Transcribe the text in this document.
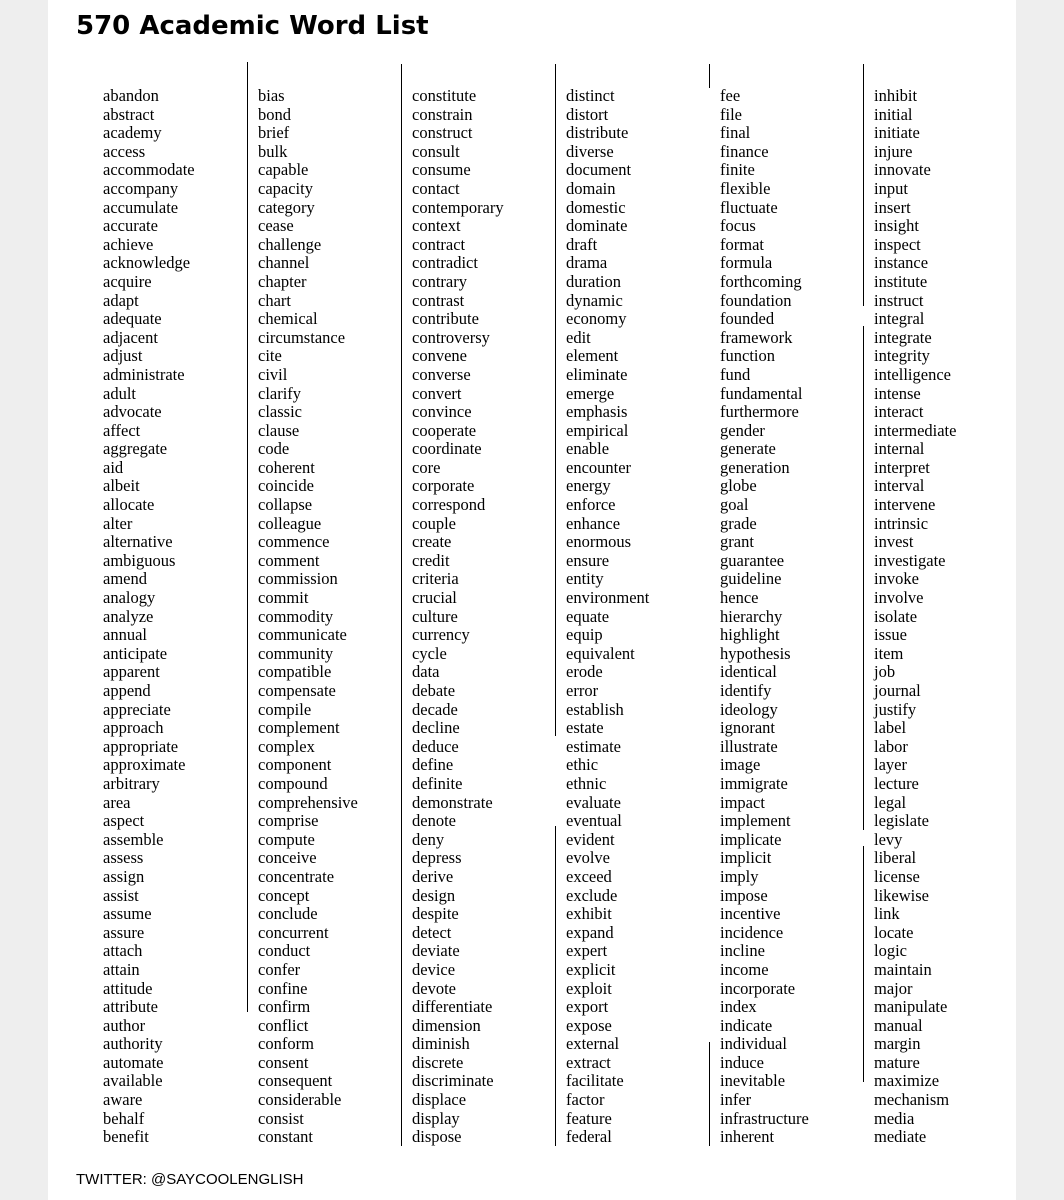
570 Academic Word List
abandon
abstract
academy
access
accommodate
accompany
accumulate
accurate
achieve
acknowledge
acquire
adapt
adequate
adjacent
adjust
administrate
adult
advocate
affect
aggregate
aid
albeit
allocate
alter
alternative
ambiguous
amend
analogy
analyze
annual
anticipate
apparent
append
appreciate
approach
appropriate
approximate
arbitrary
area
aspect
assemble
assess
assign
assist
assume
assure
attach
attain
attitude
attribute
author
authority
automate
available
aware
behalf
benefit
bias
bond
brief
bulk
capable
capacity
category
cease
challenge
channel
chapter
chart
chemical
circumstance
cite
civil
clarify
classic
clause
code
coherent
coincide
collapse
colleague
commence
comment
commission
commit
commodity
communicate
community
compatible
compensate
compile
complement
complex
component
compound
comprehensive
comprise
compute
conceive
concentrate
concept
conclude
concurrent
conduct
confer
confine
confirm
conflict
conform
consent
consequent
considerable
consist
constant
constitute
constrain
construct
consult
consume
contact
contemporary
context
contract
contradict
contrary
contrast
contribute
controversy
convene
converse
convert
convince
cooperate
coordinate
core
corporate
correspond
couple
create
credit
criteria
crucial
culture
currency
cycle
data
debate
decade
decline
deduce
define
definite
demonstrate
denote
deny
depress
derive
design
despite
detect
deviate
device
devote
differentiate
dimension
diminish
discrete
discriminate
displace
display
dispose
distinct
distort
distribute
diverse
document
domain
domestic
dominate
draft
drama
duration
dynamic
economy
edit
element
eliminate
emerge
emphasis
empirical
enable
encounter
energy
enforce
enhance
enormous
ensure
entity
environment
equate
equip
equivalent
erode
error
establish
estate
estimate
ethic
ethnic
evaluate
eventual
evident
evolve
exceed
exclude
exhibit
expand
expert
explicit
exploit
export
expose
external
extract
facilitate
factor
feature
federal
fee
file
final
finance
finite
flexible
fluctuate
focus
format
formula
forthcoming
foundation
founded
framework
function
fund
fundamental
furthermore
gender
generate
generation
globe
goal
grade
grant
guarantee
guideline
hence
hierarchy
highlight
hypothesis
identical
identify
ideology
ignorant
illustrate
image
immigrate
impact
implement
implicate
implicit
imply
impose
incentive
incidence
incline
income
incorporate
index
indicate
individual
induce
inevitable
infer
infrastructure
inherent
inhibit
initial
initiate
injure
innovate
input
insert
insight
inspect
instance
institute
instruct
integral
integrate
integrity
intelligence
intense
interact
intermediate
internal
interpret
interval
intervene
intrinsic
invest
investigate
invoke
involve
isolate
issue
item
job
journal
justify
label
labor
layer
lecture
legal
legislate
levy
liberal
license
likewise
link
locate
logic
maintain
major
manipulate
manual
margin
mature
maximize
mechanism
media
mediate

TWITTER: @SAYCOOLENGLISH
